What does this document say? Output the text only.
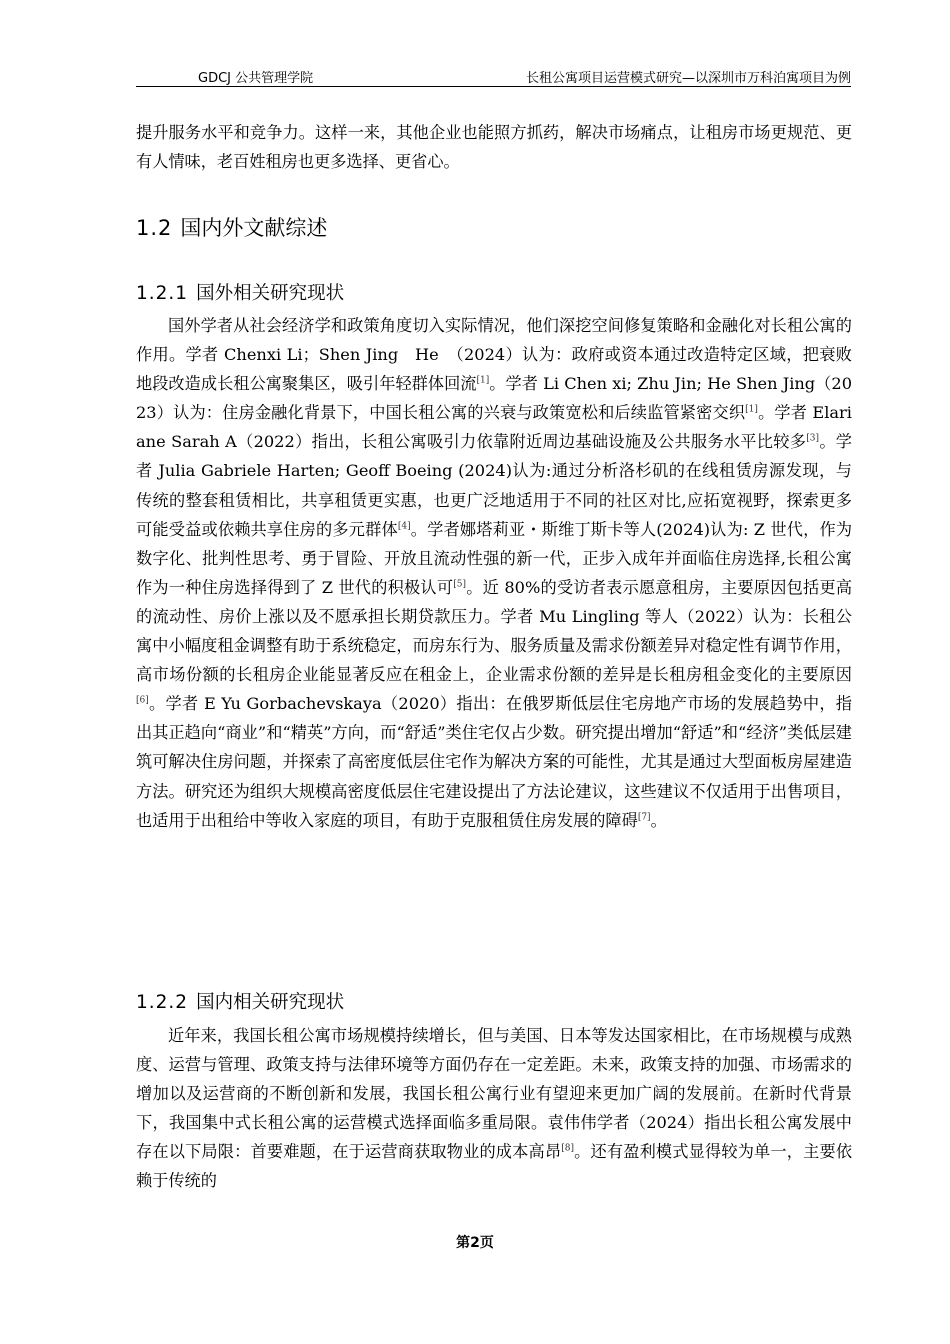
GDCJ 公共管理学院	长租公寓项目运营模式研究—以深圳市万科泊寓项目为例

提升服务水平和竞争力。这样一来，其他企业也能照方抓药，解决市场痛点，让租房市场更规范、更有人情味，老百姓租房也更多选择、更省心。

1.2 国内外文献综述
1.2.1 国外相关研究现状

国外学者从社会经济学和政策角度切入实际情况，他们深挖空间修复策略和金融化对长租公寓的作用。学者 Chenxi Li；Shen Jing　He　（2024）认为：政府或资本通过改造特定区域，把衰败地段改造成长租公寓聚集区，吸引年轻群体回流[1]。学者 Li Chen xi; Zhu Jin; He Shen Jing（2023）认为：住房金融化背景下，中国长租公寓的兴衰与政策宽松和后续监管紧密交织[1]。学者 Elariane Sarah A（2022）指出，长租公寓吸引力依靠附近周边基础设施及公共服务水平比较多[3]。学者 Julia Gabriele Harten; Geoff Boeing (2024)认为:通过分析洛杉矶的在线租赁房源发现，与传统的整套租赁相比，共享租赁更实惠，也更广泛地适用于不同的社区对比,应拓宽视野，探索更多可能受益或依赖共享住房的多元群体[4]。学者娜塔莉亚・斯维丁斯卡等人(2024)认为: Z 世代，作为数字化、批判性思考、勇于冒险、开放且流动性强的新一代，正步入成年并面临住房选择,长租公寓作为一种住房选择得到了 Z 世代的积极认可[5]。近 80%的受访者表示愿意租房，主要原因包括更高的流动性、房价上涨以及不愿承担长期贷款压力。学者 Mu Lingling 等人（2022）认为：长租公寓中小幅度租金调整有助于系统稳定，而房东行为、服务质量及需求份额差异对稳定性有调节作用，高市场份额的长租房企业能显著反应在租金上，企业需求份额的差异是长租房租金变化的主要原因[6]。学者 E Yu Gorbachevskaya（2020）指出：在俄罗斯低层住宅房地产市场的发展趋势中，指出其正趋向“商业”和“精英”方向，而“舒适”类住宅仅占少数。研究提出增加“舒适”和“经济”类低层建筑可解决住房问题，并探索了高密度低层住宅作为解决方案的可能性，尤其是通过大型面板房屋建造方法。研究还为组织大规模高密度低层住宅建设提出了方法论建议，这些建议不仅适用于出售项目，也适用于出租给中等收入家庭的项目，有助于克服租赁住房发展的障碍[7]。

1.2.2 国内相关研究现状

近年来，我国长租公寓市场规模持续增长，但与美国、日本等发达国家相比，在市场规模与成熟度、运营与管理、政策支持与法律环境等方面仍存在一定差距。未来，政策支持的加强、市场需求的增加以及运营商的不断创新和发展，我国长租公寓行业有望迎来更加广阔的发展前。在新时代背景下，我国集中式长租公寓的运营模式选择面临多重局限。袁伟伟学者（2024）指出长租公寓发展中存在以下局限：首要难题，在于运营商获取物业的成本高昂[8]。还有盈利模式显得较为单一，主要依赖于传统的

第2页
